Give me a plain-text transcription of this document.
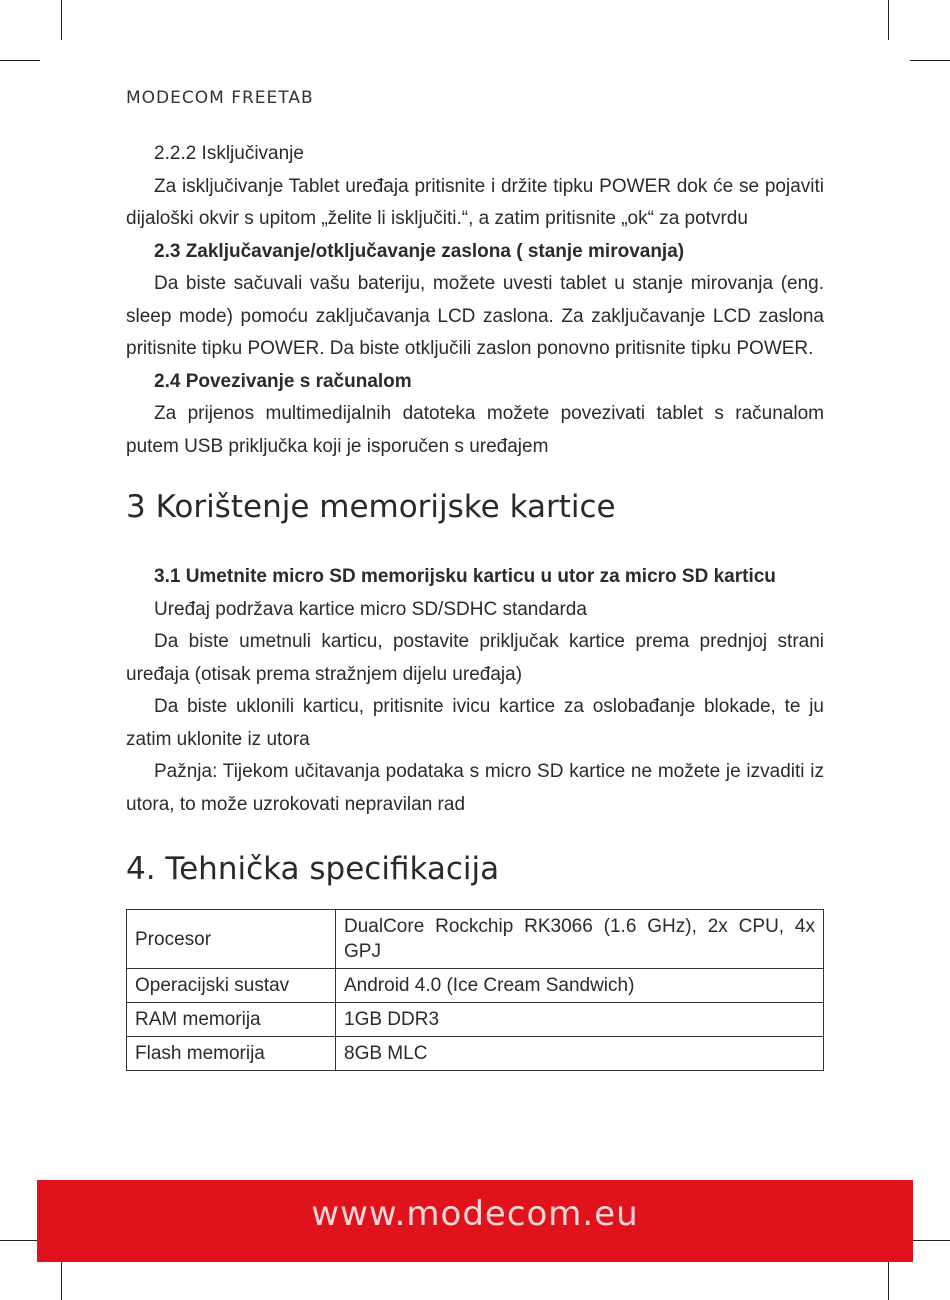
MODECOM FREETAB

2.2.2 Isključivanje

Za isključivanje Tablet uređaja pritisnite i držite tipku POWER dok će se pojaviti dijaloški okvir s upitom „želite li isključiti.“, a zatim pritisnite „ok“ za potvrdu

2.3 Zaključavanje/otključavanje zaslona ( stanje mirovanja)

Da biste sačuvali vašu bateriju, možete uvesti tablet u stanje mirovanja (eng. sleep mode) pomoću zaključavanja LCD zaslona. Za zaključavanje LCD zaslona pritisnite tipku POWER. Da biste otključili zaslon ponovno pritisnite tipku POWER.

2.4 Povezivanje s računalom

Za prijenos multimedijalnih datoteka možete povezivati tablet s računalom putem USB priključka koji je isporučen s uređajem

3 Korištenje memorijske kartice

3.1 Umetnite micro SD memorijsku karticu u utor za micro SD karticu

Uređaj podržava kartice micro SD/SDHC standarda

Da biste umetnuli karticu, postavite priključak kartice prema prednjoj strani uređaja (otisak prema stražnjem dijelu uređaja)

Da biste uklonili karticu, pritisnite ivicu kartice za oslobađanje blokade, te ju zatim uklonite iz utora

Pažnja: Tijekom učitavanja podataka s micro SD kartice ne možete je izvaditi iz utora, to može uzrokovati nepravilan rad

4. Tehnička specifikacija
Procesor	DualCore Rockchip RK3066 (1.6 GHz), 2x CPU, 4x GPJ
Operacijski sustav	Android 4.0 (Ice Cream Sandwich)
RAM memorija	1GB DDR3
Flash memorija	8GB MLC
www.modecom.eu
